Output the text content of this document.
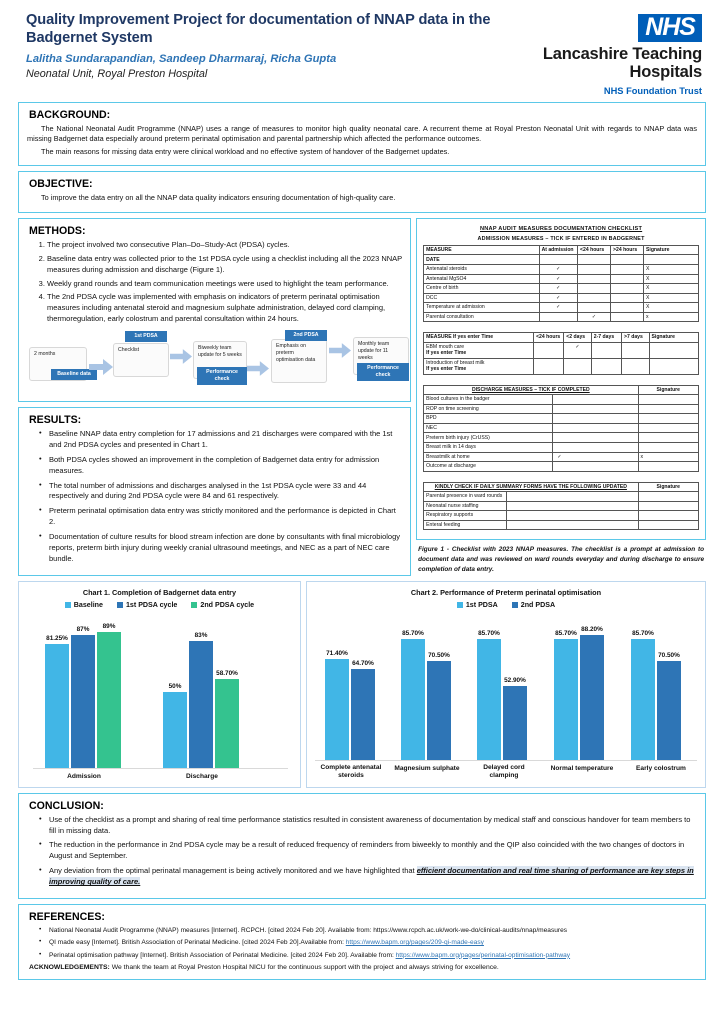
Quality Improvement Project for documentation of NNAP data in the Badgernet System
Lalitha Sundarapandian, Sandeep Dharmaraj, Richa Gupta
Neonatal Unit, Royal Preston Hospital
NHS
Lancashire Teaching
Hospitals
NHS Foundation Trust
BACKGROUND:
The National Neonatal Audit Programme (NNAP) uses a range of measures to monitor high quality neonatal care. A recurrent theme at Royal Preston Neonatal Unit with regards to NNAP data was missing Badgernet data especially around preterm perinatal optimisation and parental partnership which affected the performance outcomes.
The main reasons for missing data entry were clinical workload and no effective system of handover of the Badgernet updates.
OBJECTIVE:
To improve the data entry on all the NNAP data quality indicators ensuring documentation of high-quality care.
METHODS:
1. The project involved two consecutive Plan–Do–Study-Act (PDSA) cycles.
2. Baseline data entry was collected prior to the 1st PDSA cycle using a checklist including all the 2023 NNAP measures during admission and discharge (Figure 1).
3. Weekly grand rounds and team communication meetings were used to highlight the team performance.
4. The 2nd PDSA cycle was implemented with emphasis on indicators of preterm perinatal optimisation measures including antenatal steroid and magnesium sulphate administration, delayed cord clamping, thermoregulation, early colostrum and parental consultation within 24 hours.
2 months
Baseline data
Checklist
1st PDSA
Biweekly team update for 5 weeks
Performance check
Emphasis on preterm optimisation data
2nd PDSA
Monthly team update for 11 weeks
Performance check
RESULTS:
• Baseline NNAP data entry completion for 17 admissions and 21 discharges were compared with the 1st and 2nd PDSA cycles and presented in Chart 1.
• Both PDSA cycles showed an improvement in the completion of Badgernet data entry for admission measures.
• The total number of admissions and discharges analysed in the 1st PDSA cycle were 33 and 44 respectively and during 2nd PDSA cycle were 84 and 61 respectively.
• Preterm perinatal optimisation data entry was strictly monitored and the performance is depicted in Chart 2.
• Documentation of culture results for blood stream infection are done by consultants with final microbiology reports, preterm birth injury during weekly cranial ultrasound meetings, and NEC as a part of NEC care bundle.
NNAP AUDIT MEASURES DOCUMENTATION CHECKLIST
ADMISSION MEASURES – TICK IF ENTERED IN BADGERNET
MEASURE	At admission	<24 hours	>24 hours	Signature
DATE				
Antenatal steroids	✓			X
Antenatal MgSO4	✓			X
Centre of birth	✓			X
DCC	✓			X
Temperature at admission	✓			X
Parental consultation		✓		x
MEASURE If yes enter Time	<24 hours	<2 days	2-7 days	>7 days	Signature
EBM mouth care
If yes enter Time		✓			
Introduction of breast milk
If yes enter Time					
DISCHARGE MEASURES – TICK IF COMPLETED		Signature
Blood cultures in the badger		
ROP on time screening		
BPD		
NEC		
Preterm birth injury (CrUSS)		
Breast milk in 14 days		
Breastmilk at home	✓	x
Outcome at discharge		
KINDLY CHECK IF DAILY SUMMARY FORMS HAVE THE FOLLOWING UPDATED		Signature
Parental presence in ward rounds		
Neonatal nurse staffing		
Respiratory supports		
Enteral feeding		
Figure 1 - Checklist with 2023 NNAP measures. The checklist is a prompt at admission to document data and was reviewed on ward rounds everyday and during discharge to ensure completion of data entry.
Chart 1. Completion of Badgernet data entry
Baseline	1st PDSA cycle	2nd PDSA cycle
81.25%
87% 89%
50%
83%
58.70%
Admission	Discharge
Chart 2. Performance of Preterm perinatal optimisation
1st PDSA	2nd PDSA
71.40%
64.70%
85.70%
70.50%
85.70%
52.90%
85.70%
88.20%
85.70%
70.50%
Complete antenatal steroids
Magnesium sulphate	Delayed cord clamping
Normal temperature	Early colostrum
CONCLUSION:
• Use of the checklist as a prompt and sharing of real time performance statistics resulted in consistent awareness of documentation by medical staff and conscious handover for team members to fill in missing data.
• The reduction in the performance in 2nd PDSA cycle may be a result of reduced frequency of reminders from biweekly to monthly and the QIP also coincided with the two changes of doctors in August and September.
• Any deviation from the optimal perinatal management is being actively monitored and we have highlighted that efficient documentation and real time sharing of performance are key steps in improving quality of care.
REFERENCES:
• National Neonatal Audit Programme (NNAP) measures [Internet]. RCPCH. [cited 2024 Feb 20]. Available from: https://www.rcpch.ac.uk/work-we-do/clinical-audits/nnap/measures
• QI made easy [Internet]. British Association of Perinatal Medicine. [cited 2024 Feb 20].Available from: https://www.bapm.org/pages/209-qi-made-easy
• Perinatal optimisation pathway [Internet]. British Association of Perinatal Medicine. [cited 2024 Feb 20]. Available from: https://www.bapm.org/pages/perinatal-optimisation-pathway
ACKNOWLEDGEMENTS: We thank the team at Royal Preston Hospital NICU for the continuous support with the project and always striving for excellence.
